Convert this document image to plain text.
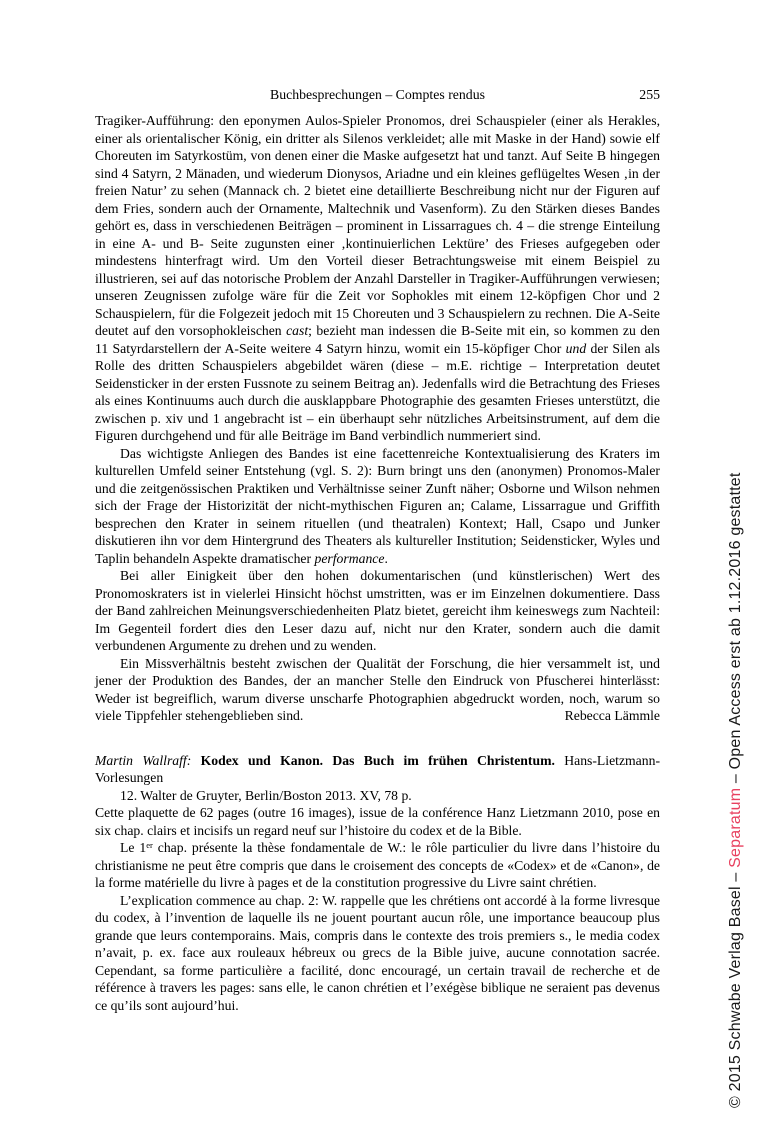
Buchbesprechungen – Comptes rendus	255

Tragiker-Aufführung: den eponymen Aulos-Spieler Pronomos, drei Schauspieler (einer als Herakles, einer als orientalischer König, ein dritter als Silenos verkleidet; alle mit Maske in der Hand) sowie elf Choreuten im Satyrkostüm, von denen einer die Maske aufgesetzt hat und tanzt. Auf Seite B hingegen sind 4 Satyrn, 2 Mänaden, und wiederum Dionysos, Ariadne und ein kleines geflügeltes Wesen ‚in der freien Natur’ zu sehen (Mannack ch. 2 bietet eine detaillierte Beschreibung nicht nur der Figuren auf dem Fries, sondern auch der Ornamente, Maltechnik und Vasenform). Zu den Stärken dieses Bandes gehört es, dass in verschiedenen Beiträgen – prominent in Lissarragues ch. 4 – die strenge Einteilung in eine A- und B- Seite zugunsten einer ‚kontinuierlichen Lektüre’ des Frieses aufgegeben oder mindestens hinterfragt wird. Um den Vorteil dieser Betrachtungsweise mit einem Beispiel zu illustrieren, sei auf das notorische Problem der Anzahl Darsteller in Tragiker-Aufführungen verwiesen; unseren Zeugnissen zufolge wäre für die Zeit vor Sophokles mit einem 12-köpfigen Chor und 2 Schauspielern, für die Folgezeit jedoch mit 15 Choreuten und 3 Schauspielern zu rechnen. Die A-Seite deutet auf den vorsophokleischen cast; bezieht man indessen die B-Seite mit ein, so kommen zu den 11 Satyrdarstellern der A-Seite weitere 4 Satyrn hinzu, womit ein 15-köpfiger Chor und der Silen als Rolle des dritten Schauspielers abgebildet wären (diese – m.E. richtige – Interpretation deutet Seidensticker in der ersten Fussnote zu seinem Beitrag an). Jedenfalls wird die Betrachtung des Frieses als eines Kontinuums auch durch die ausklappbare Photographie des gesamten Frieses unterstützt, die zwischen p. xiv und 1 angebracht ist – ein überhaupt sehr nützliches Arbeitsinstrument, auf dem die Figuren durchgehend und für alle Beiträge im Band verbindlich nummeriert sind.

Das wichtigste Anliegen des Bandes ist eine facettenreiche Kontextualisierung des Kraters im kulturellen Umfeld seiner Entstehung (vgl. S. 2): Burn bringt uns den (anonymen) Pronomos-Maler und die zeitgenössischen Praktiken und Verhältnisse seiner Zunft näher; Osborne und Wilson nehmen sich der Frage der Historizität der nicht-mythischen Figuren an; Calame, Lissarrague und Griffith besprechen den Krater in seinem rituellen (und theatralen) Kontext; Hall, Csapo und Junker diskutieren ihn vor dem Hintergrund des Theaters als kultureller Institution; Seidensticker, Wyles und Taplin behandeln Aspekte dramatischer performance.

Bei aller Einigkeit über den hohen dokumentarischen (und künstlerischen) Wert des Pronomoskraters ist in vielerlei Hinsicht höchst umstritten, was er im Einzelnen dokumentiere. Dass der Band zahlreichen Meinungsverschiedenheiten Platz bietet, gereicht ihm keineswegs zum Nachteil: Im Gegenteil fordert dies den Leser dazu auf, nicht nur den Krater, sondern auch die damit verbundenen Argumente zu drehen und zu wenden.

Ein Missverhältnis besteht zwischen der Qualität der Forschung, die hier versammelt ist, und jener der Produktion des Bandes, der an mancher Stelle den Eindruck von Pfuscherei hinterlässt: Weder ist begreiflich, warum diverse unscharfe Photographien abgedruckt worden, noch, warum so viele Tippfehler stehengeblieben sind.	Rebecca Lämmle

Martin Wallraff: Kodex und Kanon. Das Buch im frühen Christentum. Hans-Lietzmann-Vorlesungen

12. Walter de Gruyter, Berlin/Boston 2013. XV, 78 p.

Cette plaquette de 62 pages (outre 16 images), issue de la conférence Hanz Lietzmann 2010, pose en six chap. clairs et incisifs un regard neuf sur l’histoire du codex et de la Bible.

Le 1er chap. présente la thèse fondamentale de W.: le rôle particulier du livre dans l’histoire du christianisme ne peut être compris que dans le croisement des concepts de «Codex» et de «Canon», de la forme matérielle du livre à pages et de la constitution progressive du Livre saint chrétien.

L’explication commence au chap. 2: W. rappelle que les chrétiens ont accordé à la forme livresque du codex, à l’invention de laquelle ils ne jouent pourtant aucun rôle, une importance beaucoup plus grande que leurs contemporains. Mais, compris dans le contexte des trois premiers s., le media codex n’avait, p. ex. face aux rouleaux hébreux ou grecs de la Bible juive, aucune connotation sacrée. Cependant, sa forme particulière a facilité, donc encouragé, un certain travail de recherche et de référence à travers les pages: sans elle, le canon chrétien et l’exégèse biblique ne seraient pas devenus ce qu’ils sont aujourd’hui.	© 2015 Schwabe Verlag Basel – Separatum – Open Access erst ab 1.12.2016 gestattet
